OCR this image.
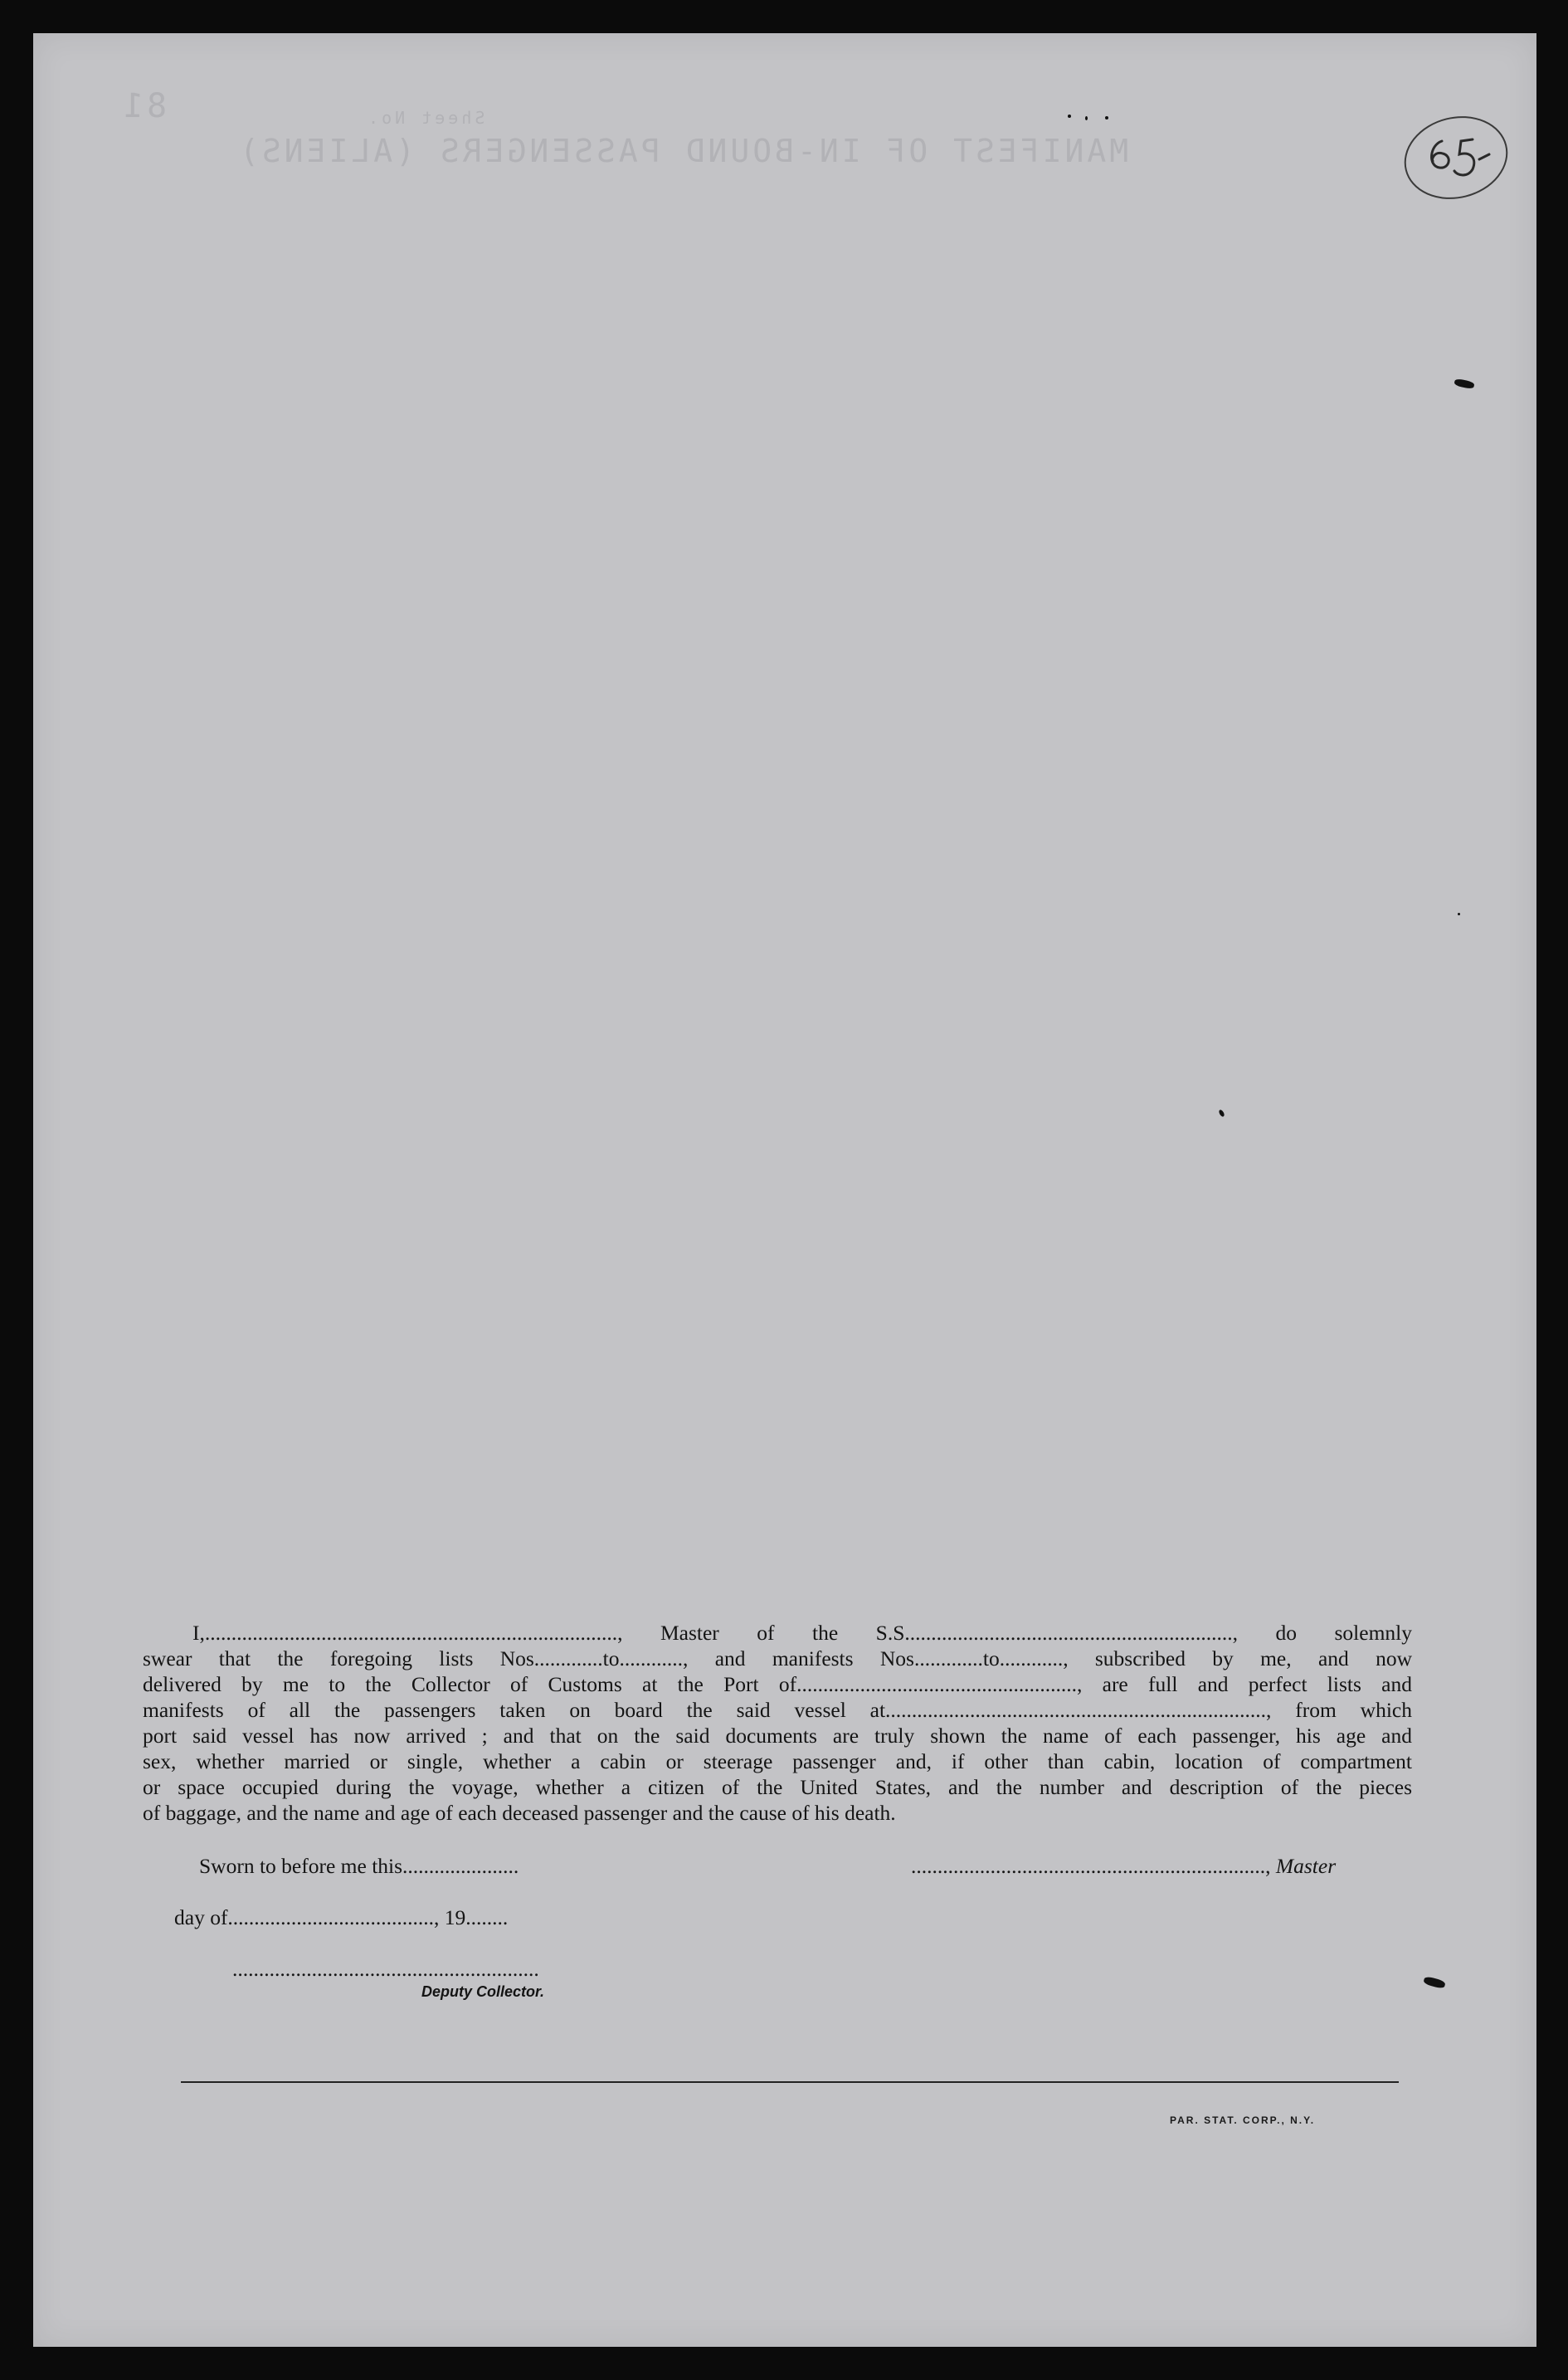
81	Sheet No.
MANIFEST OF IN-BOUND PASSENGERS (ALIENS)
I,.............................................................................., Master of the S.S.............................................................., do solemnly
swear that the foregoing lists Nos.............to............, and manifests Nos.............to............, subscribed by me, and now
delivered by me to the Collector of Customs at the Port of....................................................., are full and perfect lists and
manifests of all the passengers taken on board the said vessel at........................................................................, from which
port said vessel has now arrived ; and that on the said documents are truly shown the name of each passenger, his age and
sex, whether married or single, whether a cabin or steerage passenger and, if other than cabin, location of compartment
or space occupied during the voyage, whether a citizen of the United States, and the number and description of the pieces
of baggage, and the name and age of each deceased passenger and the cause of his death.
Sworn to before me this......................	..................................................................., Master
day of......................................., 19........
..........................................................
Deputy Collector.
PAR. STAT. CORP., N.Y.
